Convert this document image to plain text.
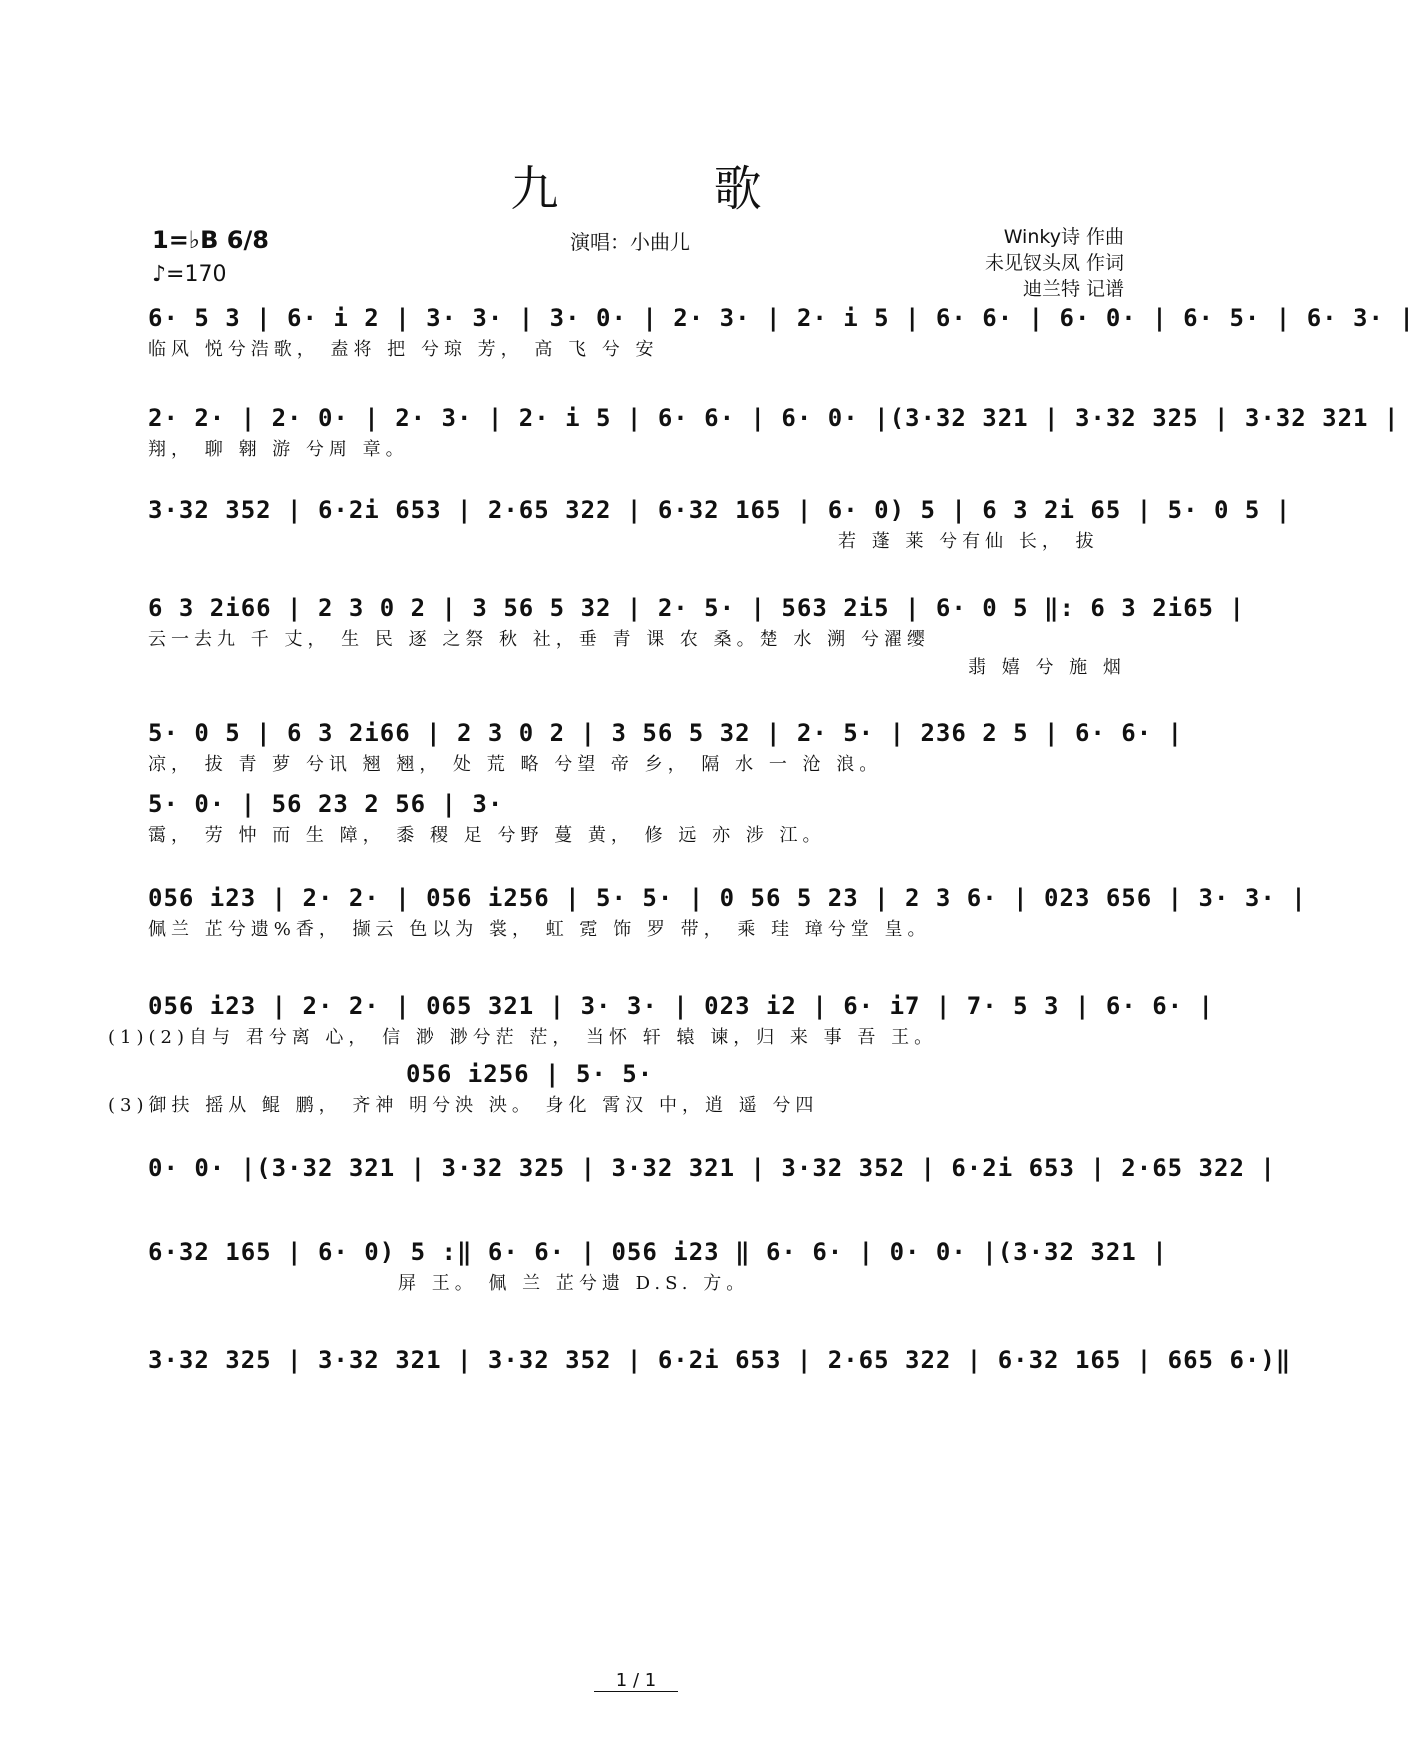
九 歌
1=♭B 6/8
♪=170
演唱：小曲儿	Winky诗 作曲
未见钗头凤 作词
迪兰特 记谱
6· 5 3 | 6· i 2 | 3· 3· | 3· 0· | 2· 3· | 2· i 5 | 6· 6· | 6· 0· | 6· 5· | 6· 3· |
临风 悦兮浩歌， 盍将 把 兮琼 芳， 高 飞 兮 安
2· 2· | 2· 0· | 2· 3· | 2· i 5 | 6· 6· | 6· 0· |(3·32 321 | 3·32 325 | 3·32 321 |
翔， 聊 翱 游 兮周 章。
3·32 352 | 6·2i 653 | 2·65 322 | 6·32 165 | 6· 0) 5 | 6 3 2i 65 | 5· 0 5 |
若 蓬 莱 兮有仙 长， 拔
6 3 2i66 | 2 3 0 2 | 3 56 5 32 | 2· 5· | 563 2i5 | 6· 0 5 ‖: 6 3 2i65 |
云一去九 千 丈， 生 民 逐 之祭 秋 社，垂 青 课 农 桑。楚 水 溯 兮濯缨
翡 嬉 兮 施 烟
5· 0 5 | 6 3 2i66 | 2 3 0 2 | 3 56 5 32 | 2· 5· | 236 2 5 | 6· 6· |
凉， 拔 青 萝 兮讯 翘 翘， 处 荒 略 兮望 帝 乡， 隔 水 一 沧 浪。
5· 0· | 56 23 2 56 | 3·
霭， 劳 忡 而 生 障， 黍 稷 足 兮野 蔓 黄， 修 远 亦 涉 江。
056 i23 | 2· 2· | 056 i256 | 5· 5· | 0 56 5 23 | 2 3 6· | 023 656 | 3· 3· |
佩兰 芷兮遗%香， 撷云 色以为 裳， 虹 霓 饰 罗 带， 乘 珪 璋兮堂 皇。
056 i23 | 2· 2· | 065 321 | 3· 3· | 023 i2 | 6· i7 | 7· 5 3 | 6· 6· |
(1)(2)自与 君兮离 心， 信 渺 渺兮茫 茫， 当怀 轩 辕 谏，归 来 事 吾 王。
056 i256 | 5· 5·
(3)御扶 摇从 鲲 鹏， 齐神 明兮泱 泱。 身化 霄汉 中，逍 遥 兮四
0· 0· |(3·32 321 | 3·32 325 | 3·32 321 | 3·32 352 | 6·2i 653 | 2·65 322 |
6·32 165 | 6· 0) 5 :‖ 6· 6· | 056 i23 ‖ 6· 6· | 0· 0· |(3·32 321 |
屏 王。 佩 兰 芷兮遗 D.S. 方。
3·32 325 | 3·32 321 | 3·32 352 | 6·2i 653 | 2·65 322 | 6·32 165 | 665 6·)‖
1 / 1
